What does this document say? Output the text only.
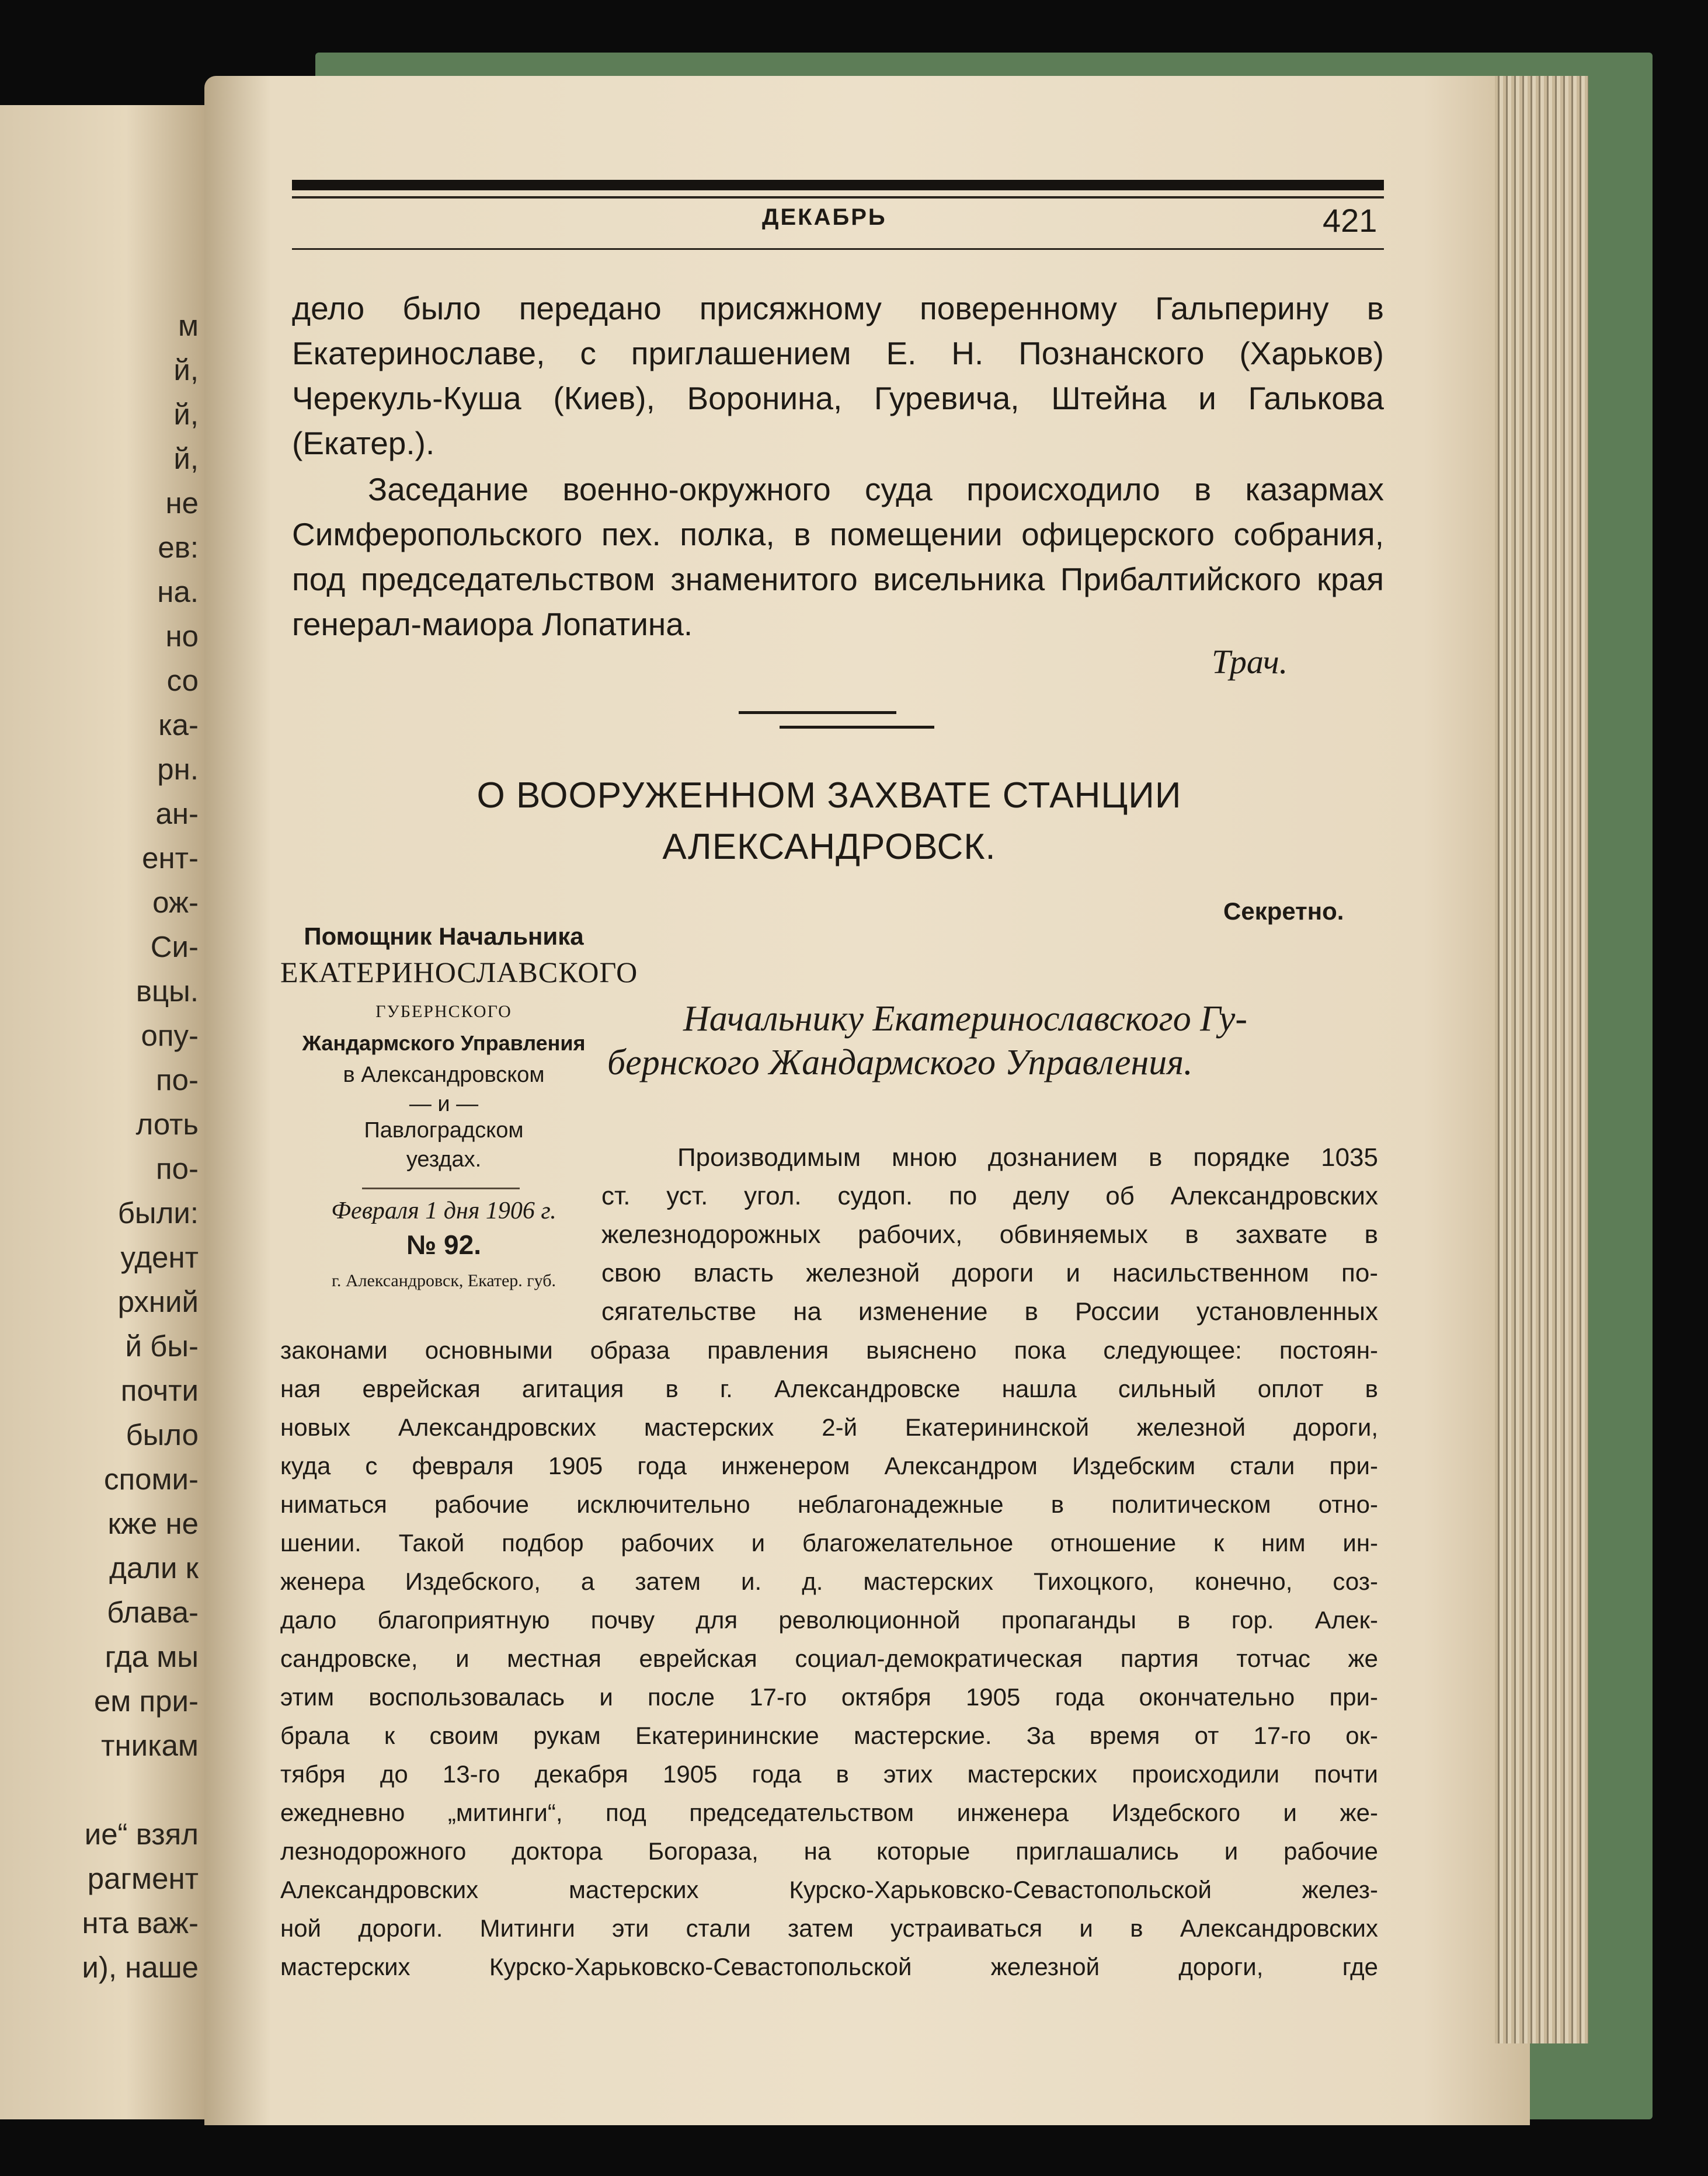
м
й,
й,
й,
не
ев:
на.
но
со
ка-
рн.
ан-
ент-
ож-
Си-
вцы.
опу-
по-
лоть
по-
были:
удент
рхний
й бы-
почти
было
споми-
кже не
дали к
блава-
гда мы
ем при-
тникам
ие“ взял
рагмент
нта важ-
и), наше
ДЕКАБРЬ	421
дело было передано присяжному поверенному Гальперину в Екатеринославе, с приглашением Е. Н. Познанского (Харьков) Черекуль-Куша (Киев), Воронина, Гуревича, Штейна и Галькова (Екатер.).
Заседание военно-окружного суда происходило в казармах Симферопольского пех. полка, в помещении офицерского собрания, под председательством знаменитого висельника Прибалтийского края генерал-маиора Лопатина.
Трач.
О ВООРУЖЕННОМ ЗАХВАТЕ СТАНЦИИ
АЛЕКСАНДРОВСК.
Секретно.
Помощник Начальника
ЕКАТЕРИНОСЛАВСКОГО
ГУБЕРНСКОГО
Жандармского Управления
в Александровском
— и —
Павлоградском
уездах.
Февраля 1 дня 1906 г.
№ 92.
г. Александровск, Екатер. губ.
Начальнику Екатеринославского Гу-
бернского Жандармского Управления.
Производимым мною дознанием в порядке 1035
ст. уст. угол. судоп. по делу об Александровских
железнодорожных рабочих, обвиняемых в захвате в
свою власть железной дороги и насильственном по-
сягательстве на изменение в России установленных
законами основными образа правления выяснено пока следующее: постоян-
ная еврейская агитация в г. Александровске нашла сильный оплот в
новых Александровских мастерских 2-й Екатерининской железной дороги,
куда с февраля 1905 года инженером Александром Издебским стали при-
ниматься рабочие исключительно неблагонадежные в политическом отно-
шении. Такой подбор рабочих и благожелательное отношение к ним ин-
женера Издебского, а затем и. д. мастерских Тихоцкого, конечно, соз-
дало благоприятную почву для революционной пропаганды в гор. Алек-
сандровске, и местная еврейская социал-демократическая партия тотчас же
этим воспользовалась и после 17-го октября 1905 года окончательно при-
брала к своим рукам Екатерининские мастерские. За время от 17-го ок-
тября до 13-го декабря 1905 года в этих мастерских происходили почти
ежедневно „митинги“, под председательством инженера Издебского и же-
лезнодорожного доктора Богораза, на которые приглашались и рабочие
Александровских мастерских Курско-Харьковско-Севастопольской желез-
ной дороги. Митинги эти стали затем устраиваться и в Александровских
мастерских Курско-Харьковско-Севастопольской железной дороги, где
